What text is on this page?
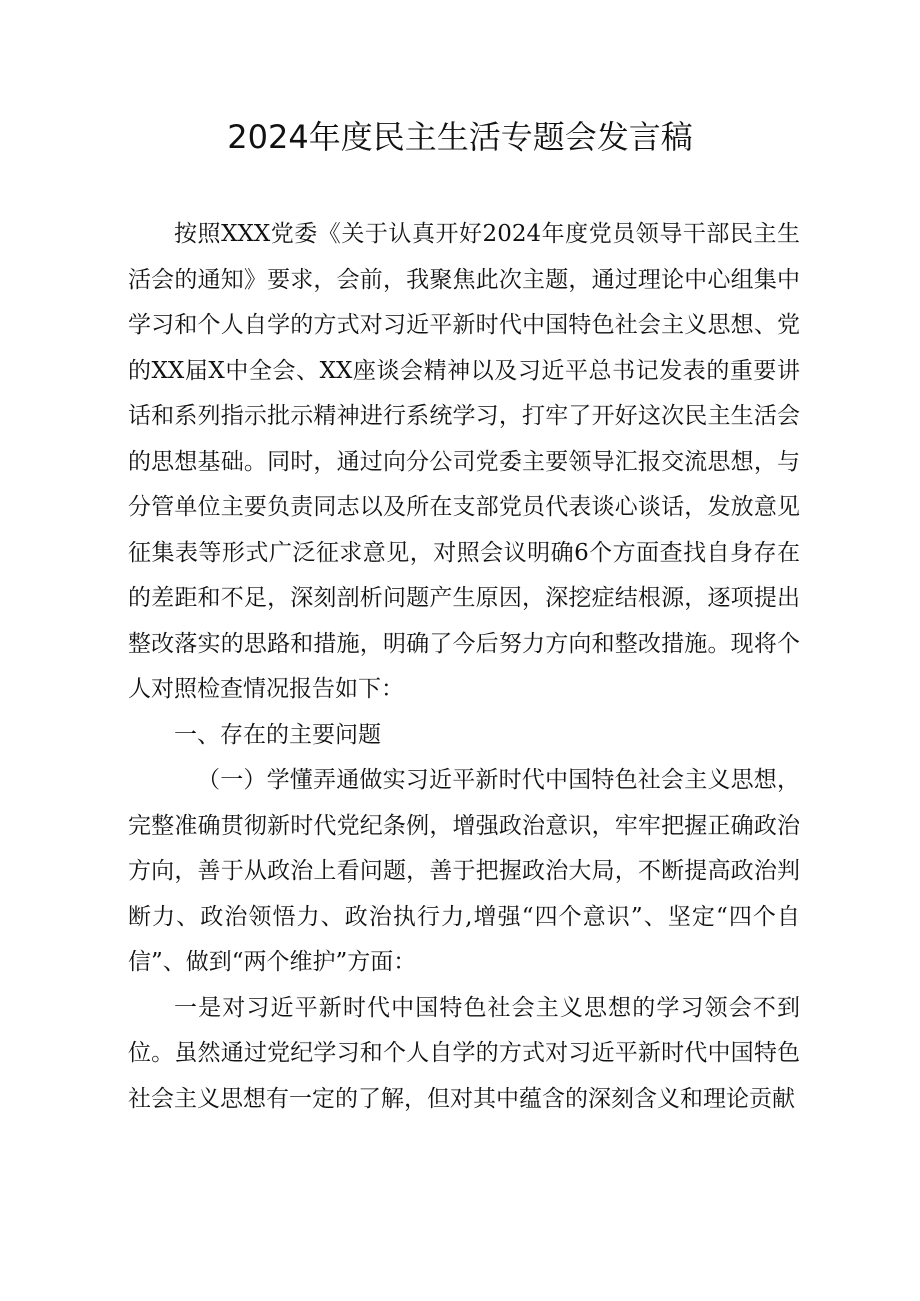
2024年度民主生活专题会发言稿

按照XXX党委《关于认真开好2024年度党员领导干部民主生活会的通知》要求，会前，我聚焦此次主题，通过理论中心组集中学习和个人自学的方式对习近平新时代中国特色社会主义思想、党的XX届X中全会、XX座谈会精神以及习近平总书记发表的重要讲话和系列指示批示精神进行系统学习，打牢了开好这次民主生活会的思想基础。同时，通过向分公司党委主要领导汇报交流思想，与分管单位主要负责同志以及所在支部党员代表谈心谈话，发放意见征集表等形式广泛征求意见，对照会议明确6个方面查找自身存在的差距和不足，深刻剖析问题产生原因，深挖症结根源，逐项提出整改落实的思路和措施，明确了今后努力方向和整改措施。现将个人对照检查情况报告如下：

一、存在的主要问题

（一）学懂弄通做实习近平新时代中国特色社会主义思想，完整准确贯彻新时代党纪条例，增强政治意识，牢牢把握正确政治方向，善于从政治上看问题，善于把握政治大局，不断提高政治判断力、政治领悟力、政治执行力,增强“四个意识”、坚定“四个自信”、做到“两个维护”方面：

一是对习近平新时代中国特色社会主义思想的学习领会不到位。虽然通过党纪学习和个人自学的方式对习近平新时代中国特色社会主义思想有一定的了解，但对其中蕴含的深刻含义和理论贡献
